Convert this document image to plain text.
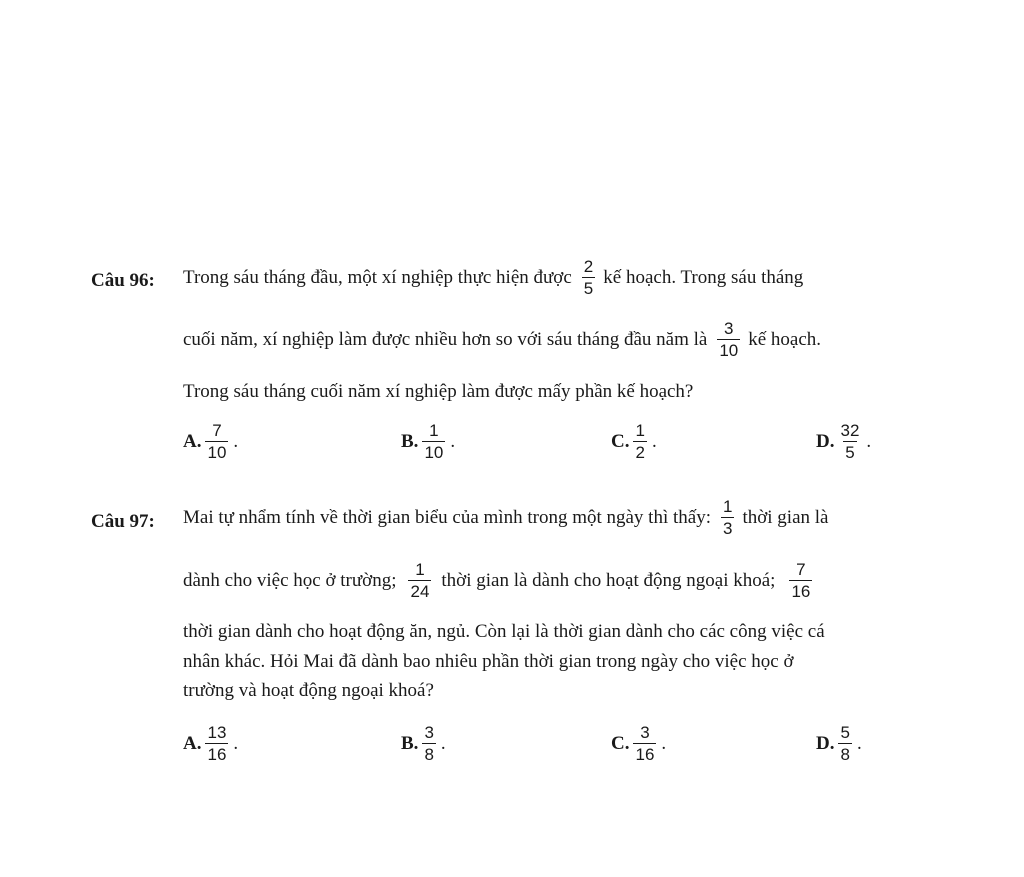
Câu 96: Trong sáu tháng đầu, một xí nghiệp thực hiện được $\frac{2}{5}$ kế hoạch. Trong sáu tháng
cuối năm, xí nghiệp làm được nhiều hơn so với sáu tháng đầu năm là $\frac{3}{10}$ kế hoạch.
Trong sáu tháng cuối năm xí nghiệp làm được mấy phần kế hoạch?
A. $\frac{7}{10}$ .	B. $\frac{1}{10}$ .	C. $\frac{1}{2}$ .	D. $\frac{32}{5}$ .
Câu 97: Mai tự nhẩm tính về thời gian biểu của mình trong một ngày thì thấy: $\frac{1}{3}$ thời gian là
dành cho việc học ở trường; $\frac{1}{24}$ thời gian là dành cho hoạt động ngoại khoá; $\frac{7}{16}$
thời gian dành cho hoạt động ăn, ngủ. Còn lại là thời gian dành cho các công việc cá
nhân khác. Hỏi Mai đã dành bao nhiêu phần thời gian trong ngày cho việc học ở
trường và hoạt động ngoại khoá?
A. $\frac{13}{16}$ .	B. $\frac{3}{8}$ .	C. $\frac{3}{16}$ .	D. $\frac{5}{8}$ .
